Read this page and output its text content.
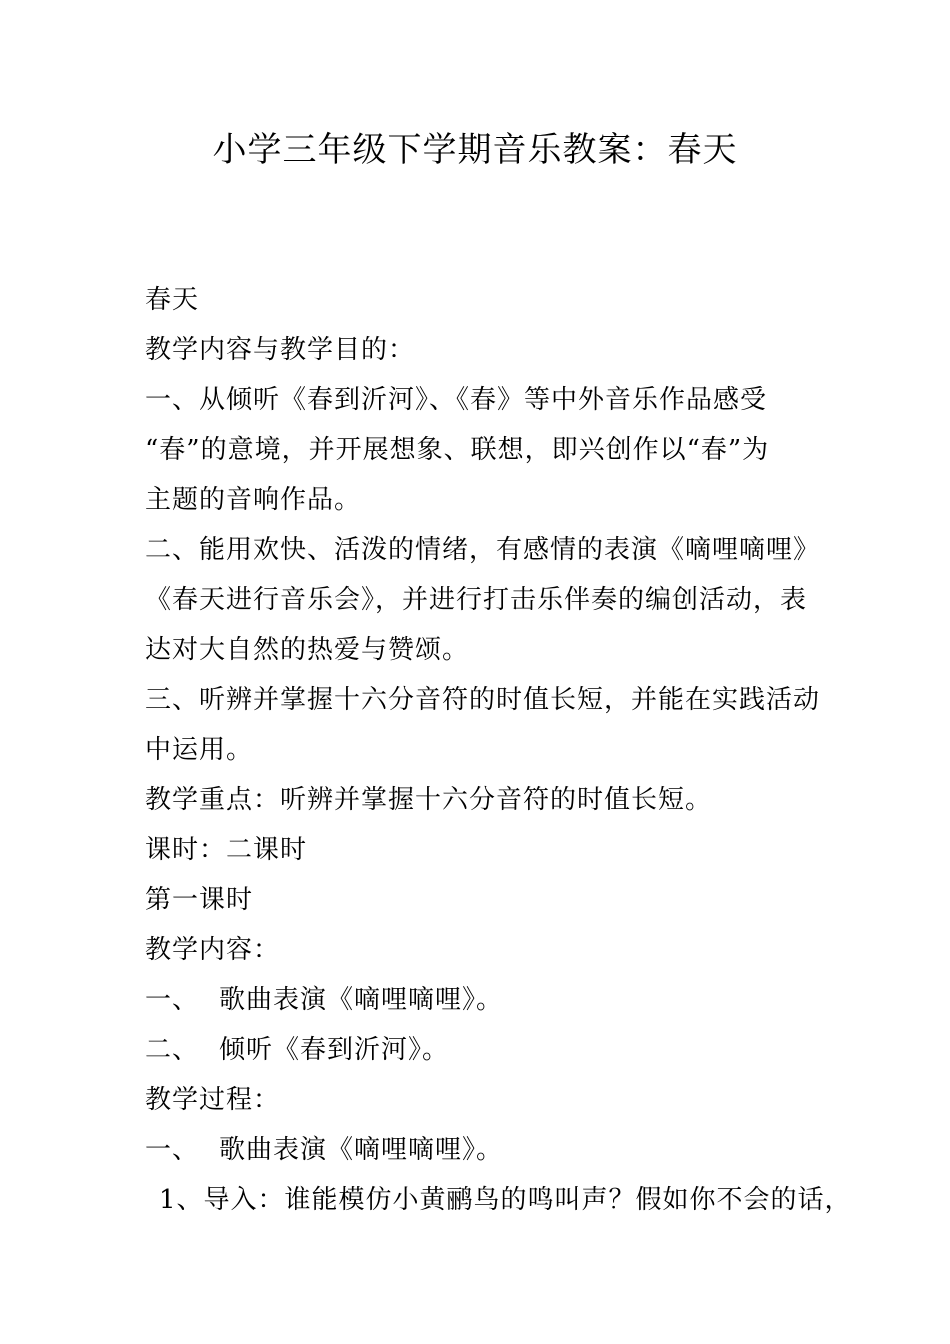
小学三年级下学期音乐教案：春天
春天
教学内容与教学目的：
一、从倾听《春到沂河》、《春》等中外音乐作品感受
“春”的意境，并开展想象、联想，即兴创作以“春”为
主题的音响作品。
二、能用欢快、活泼的情绪，有感情的表演《嘀哩嘀哩》
《春天进行音乐会》，并进行打击乐伴奏的编创活动，表
达对大自然的热爱与赞颂。
三、听辨并掌握十六分音符的时值长短，并能在实践活动
中运用。
教学重点：听辨并掌握十六分音符的时值长短。
课时：二课时
第一课时
教学内容：
一、 歌曲表演《嘀哩嘀哩》。
二、 倾听《春到沂河》。
教学过程：
一、 歌曲表演《嘀哩嘀哩》。
1、导入：谁能模仿小黄鹂鸟的鸣叫声？假如你不会的话，
